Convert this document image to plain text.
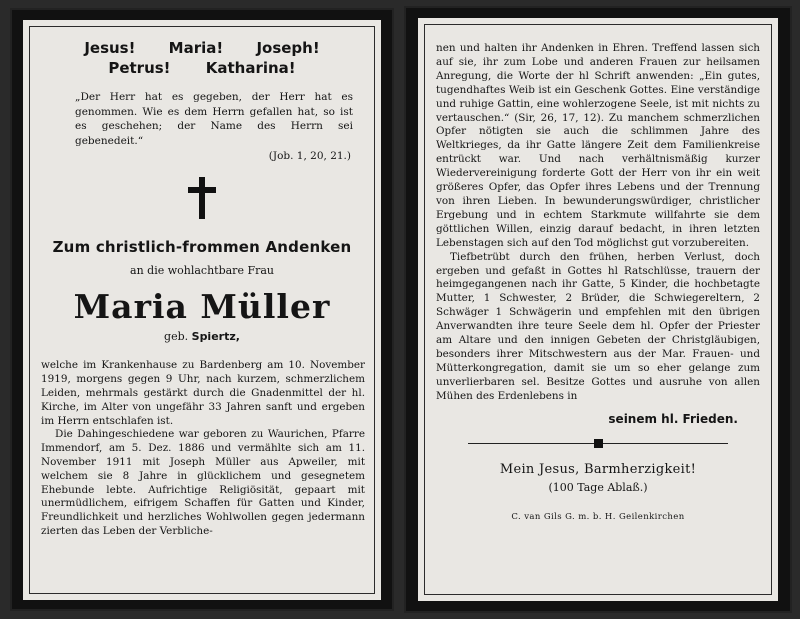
Jesus! Maria! Joseph!
Petrus! Katharina!
„Der Herr hat es gegeben, der Herr hat es genommen. Wie es dem Herrn gefallen hat, so ist es geschehen; der Name des Herrn sei gebenedeit.“
(Job. 1, 20, 21.)
Zum christlich-frommen Andenken
an die wohlachtbare Frau
Maria Müller
geb. Spiertz,

welche im Krankenhause zu Bardenberg am 10. November 1919, morgens gegen 9 Uhr, nach kurzem, schmerzlichem Leiden, mehrmals gestärkt durch die Gnadenmittel der hl. Kirche, im Alter von ungefähr 33 Jahren sanft und ergeben im Herrn entschlafen ist.

Die Dahingeschiedene war geboren zu Waurichen, Pfarre Immendorf, am 5. Dez. 1886 und vermählte sich am 11. November 1911 mit Joseph Müller aus Apweiler, mit welchem sie 8 Jahre in glücklichem und gesegnetem Ehebunde lebte. Aufrichtige Religiösität, gepaart mit unermüdlichem, eifrigem Schaffen für Gatten und Kinder, Freundlichkeit und herzliches Wohlwollen gegen jedermann zierten das Leben der Verbliche-

nen und halten ihr Andenken in Ehren. Treffend lassen sich auf sie, ihr zum Lobe und anderen Frauen zur heilsamen Anregung, die Worte der hl Schrift anwenden: „Ein gutes, tugendhaftes Weib ist ein Geschenk Gottes. Eine verständige und ruhige Gattin, eine wohlerzogene Seele, ist mit nichts zu vertauschen.“ (Sir, 26, 17, 12). Zu manchem schmerzlichen Opfer nötigten sie auch die schlimmen Jahre des Weltkrieges, da ihr Gatte längere Zeit dem Familienkreise entrückt war. Und nach verhältnismäßig kurzer Wiedervereinigung forderte Gott der Herr von ihr ein weit größeres Opfer, das Opfer ihres Lebens und der Trennung von ihren Lieben. In bewunderungswürdiger, christlicher Ergebung und in echtem Starkmute willfahrte sie dem göttlichen Willen, einzig darauf bedacht, in ihren letzten Lebenstagen sich auf den Tod möglichst gut vorzubereiten.

Tiefbetrübt durch den frühen, herben Verlust, doch ergeben und gefaßt in Gottes hl Ratschlüsse, trauern der heimgegangenen nach ihr Gatte, 5 Kinder, die hochbetagte Mutter, 1 Schwester, 2 Brüder, die Schwiegereltern, 2 Schwäger 1 Schwägerin und empfehlen mit den übrigen Anverwandten ihre teure Seele dem hl. Opfer der Priester am Altare und den innigen Gebeten der Christgläubigen, besonders ihrer Mitschwestern aus der Mar. Frauen- und Mütterkongregation, damit sie um so eher gelange zum unverlierbaren sel. Besitze Gottes und ausruhe von allen Mühen des Erdenlebens in

seinem hl. Frieden.
Mein Jesus, Barmherzigkeit!
(100 Tage Ablaß.)
C. van Gils G. m. b. H. Geilenkirchen
